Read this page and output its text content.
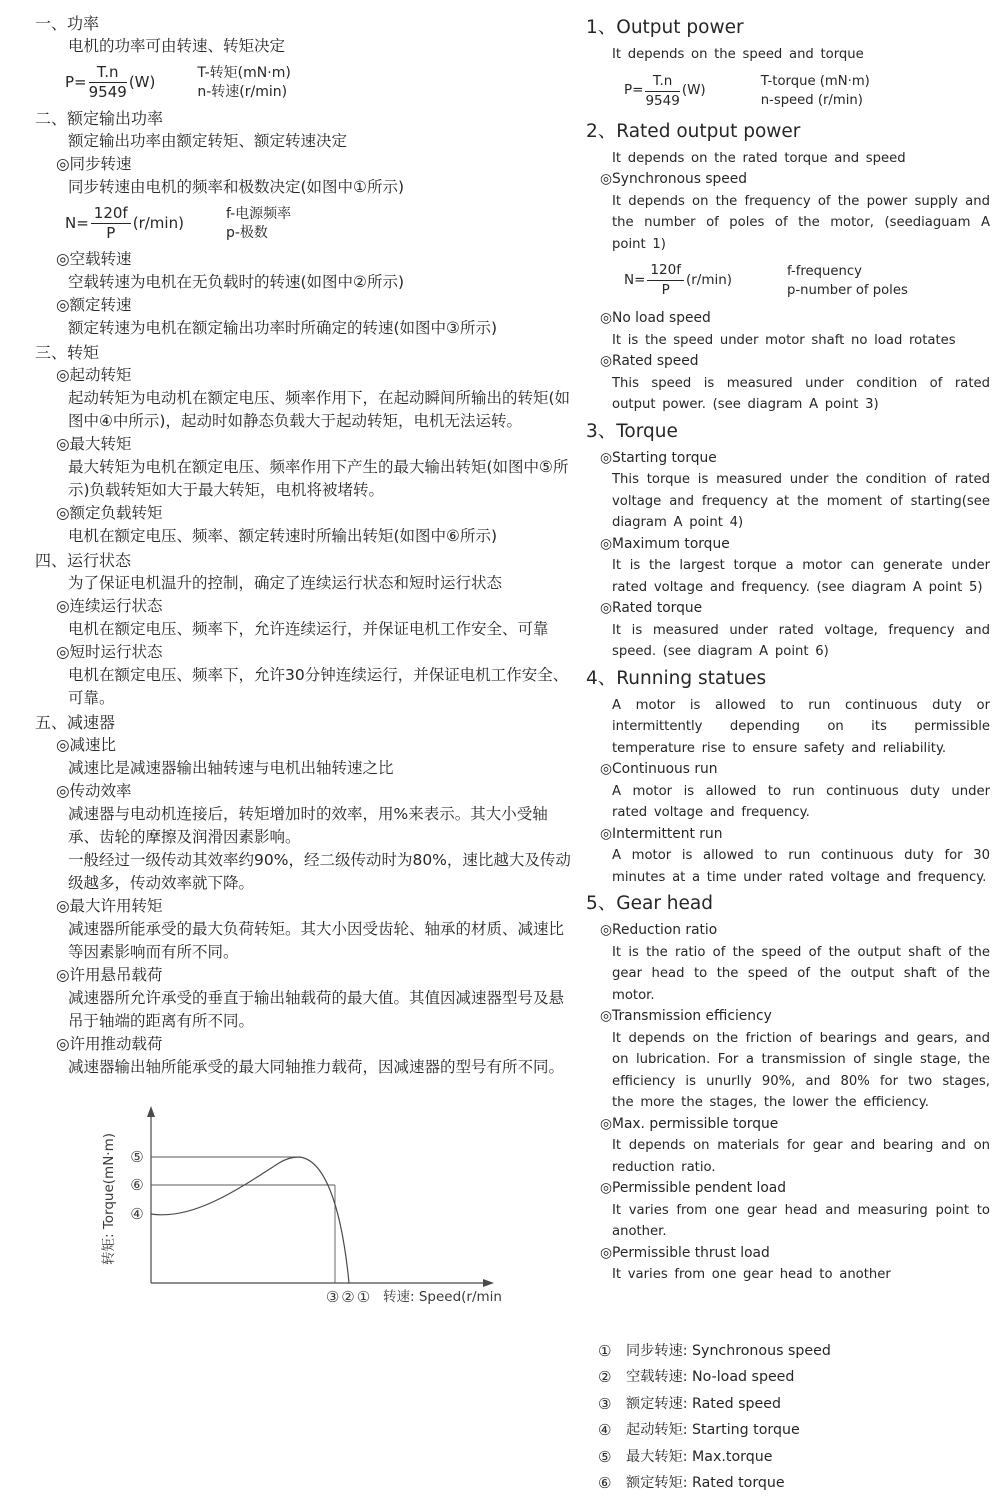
一、功率
电机的功率可由转速、转矩决定
$P= \frac{T.n}{9549} (W)$
T-转矩(mN·m)
n-转速(r/min)
二、额定输出功率
额定输出功率由额定转矩、额定转速决定
◎同步转速
同步转速由电机的频率和极数决定(如图中①所示)
$N= \frac{120f}{P} (r/\min)$
f-电源频率
p-极数
◎空载转速
空载转速为电机在无负载时的转速(如图中②所示)
◎额定转速
额定转速为电机在额定输出功率时所确定的转速(如图中③所示)
三、转矩
◎起动转矩
起动转矩为电动机在额定电压、频率作用下，在起动瞬间所输出的转矩(如图中④中所示)，起动时如静态负载大于起动转矩，电机无法运转。
◎最大转矩
最大转矩为电机在额定电压、频率作用下产生的最大输出转矩(如图中⑤所示)负载转矩如大于最大转矩，电机将被堵转。
◎额定负载转矩
电机在额定电压、频率、额定转速时所输出转矩(如图中⑥所示)
四、运行状态
为了保证电机温升的控制，确定了连续运行状态和短时运行状态
◎连续运行状态
电机在额定电压、频率下，允许连续运行，并保证电机工作安全、可靠
◎短时运行状态
电机在额定电压、频率下，允许30分钟连续运行，并保证电机工作安全、可靠。
五、减速器
◎减速比
减速比是减速器输出轴转速与电机出轴转速之比
◎传动效率
减速器与电动机连接后，转矩增加时的效率，用%来表示。其大小受轴承、齿轮的摩擦及润滑因素影响。
一般经过一级传动其效率约90%，经二级传动时为80%，速比越大及传动级越多，传动效率就下降。
◎最大许用转矩
减速器所能承受的最大负荷转矩。其大小因受齿轮、轴承的材质、减速比等因素影响而有所不同。
◎许用悬吊载荷
减速器所允许承受的垂直于输出轴载荷的最大值。其值因减速器型号及悬吊于轴端的距离有所不同。
◎许用推动载荷
减速器输出轴所能承受的最大同轴推力载荷，因减速器的型号有所不同。
⑤
⑥
④
转矩: Torque(mN·m)
③②① 转速: Speed(r/min)
1、Output power
It depends on the speed and torque
$P= \frac{T.n}{9549} (W)$
T-torque (mN·m)
n-speed (r/min)
2、Rated output power
It depends on the rated torque and speed
◎Synchronous speed
It depends on the frequency of the power supply and the number of poles of the motor, (seediaguam A point 1)
$N= \frac{120f}{P} (r/\min)$
f-frequency
p-number of poles
◎No load speed
It is the speed under motor shaft no load rotates
◎Rated speed
This speed is measured under condition of rated output power. (see diagram A point 3)
3、Torque
◎Starting torque
This torque is measured under the condition of rated voltage and frequency at the moment of starting(see diagram A point 4)
◎Maximum torque
It is the largest torque a motor can generate under rated voltage and frequency. (see diagram A point 5)
◎Rated torque
It is measured under rated voltage, frequency and speed. (see diagram A point 6)
4、Running statues
A motor is allowed to run continuous duty or intermittently depending on its permissible temperature rise to ensure safety and reliability.
◎Continuous run
A motor is allowed to run continuous duty under rated voltage and frequency.
◎Intermittent run
A motor is allowed to run continuous duty for 30 minutes at a time under rated voltage and frequency.
5、Gear head
◎Reduction ratio
It is the ratio of the speed of the output shaft of the gear head to the speed of the output shaft of the motor.
◎Transmission efficiency
It depends on the friction of bearings and gears, and on lubrication. For a transmission of single stage, the efficiency is unurlly 90%, and 80% for two stages, the more the stages, the lower the efficiency.
◎Max. permissible torque
It depends on materials for gear and bearing and on reduction ratio.
◎Permissible pendent load
It varies from one gear head and measuring point to another.
◎Permissible thrust load
It varies from one gear head to another
①	同步转速: Synchronous speed
②	空载转速: No-load speed
③	额定转速: Rated speed
④	起动转矩: Starting torque
⑤	最大转矩: Max.torque
⑥	额定转矩: Rated torque
